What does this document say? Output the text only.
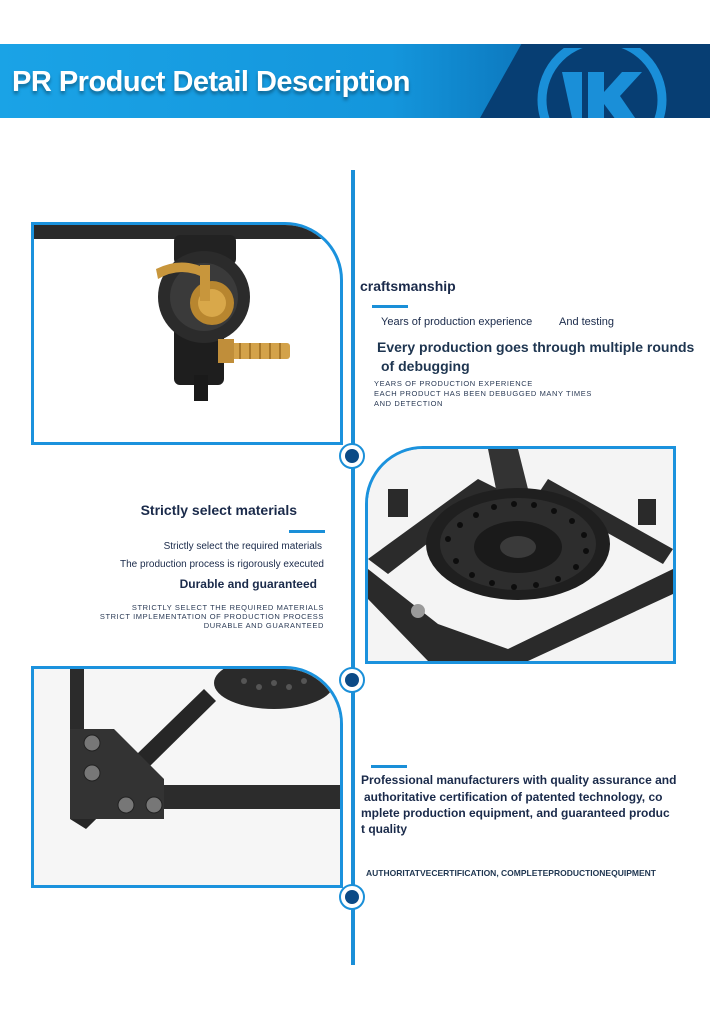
PR Product Detail Description
craftsmanship
Years of production experience And testing
Every production goes through multiple rounds
of debugging
YEARS OF PRODUCTION EXPERIENCE
EACH PRODUCT HAS BEEN DEBUGGED MANY TIMES
AND DETECTION
Strictly select materials
Strictly select the required materials
The production process is rigorously executed
Durable and guaranteed
STRICTLY SELECT THE REQUIRED MATERIALS
STRICT IMPLEMENTATION OF PRODUCTION PROCESS
DURABLE AND GUARANTEED
Professional manufacturers with quality assurance and
authoritative certification of patented technology, co
mplete production equipment, and guaranteed produc
t quality
AUTHORITATVECERTIFICATION, COMPLETEPRODUCTIONEQUIPMENT
